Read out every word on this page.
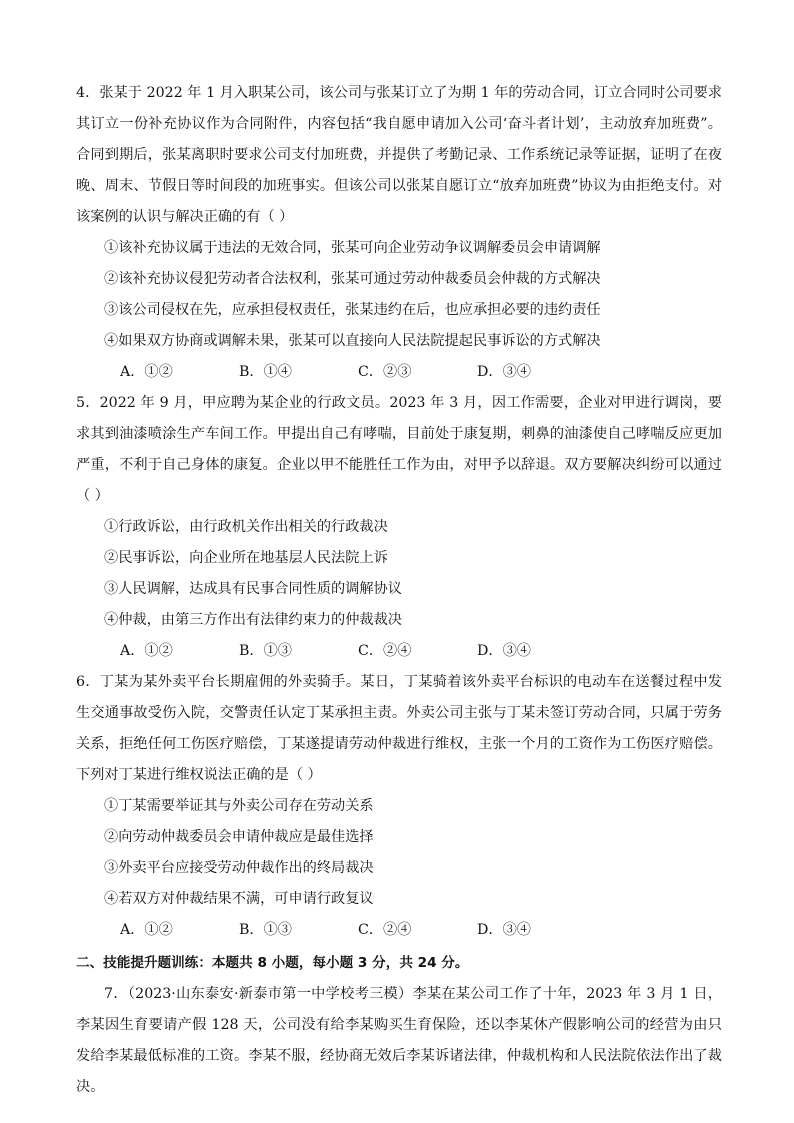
4．张某于 2022 年 1 月入职某公司，该公司与张某订立了为期 1 年的劳动合同，订立合同时公司要求其订立一份补充协议作为合同附件，内容包括“我自愿申请加入公司‘奋斗者计划’，主动放弃加班费”。合同到期后，张某离职时要求公司支付加班费，并提供了考勤记录、工作系统记录等证据，证明了在夜晚、周末、节假日等时间段的加班事实。但该公司以张某自愿订立“放弃加班费”协议为由拒绝支付。对该案例的认识与解决正确的有（ ）

①该补充协议属于违法的无效合同，张某可向企业劳动争议调解委员会申请调解

②该补充协议侵犯劳动者合法权利，张某可通过劳动仲裁委员会仲裁的方式解决

③该公司侵权在先，应承担侵权责任，张某违约在后，也应承担必要的违约责任

④如果双方协商或调解未果，张某可以直接向人民法院提起民事诉讼的方式解决

A．①②	B．①④	C．②③	D．③④

5．2022 年 9 月，甲应聘为某企业的行政文员。2023 年 3 月，因工作需要，企业对甲进行调岗，要求其到油漆喷涂生产车间工作。甲提出自己有哮喘，目前处于康复期，刺鼻的油漆使自己哮喘反应更加严重，不利于自己身体的康复。企业以甲不能胜任工作为由，对甲予以辞退。双方要解决纠纷可以通过（ ）

①行政诉讼，由行政机关作出相关的行政裁决

②民事诉讼，向企业所在地基层人民法院上诉

③人民调解，达成具有民事合同性质的调解协议

④仲裁，由第三方作出有法律约束力的仲裁裁决

A．①②	B．①③	C．②④	D．③④

6．丁某为某外卖平台长期雇佣的外卖骑手。某日，丁某骑着该外卖平台标识的电动车在送餐过程中发生交通事故受伤入院，交警责任认定丁某承担主责。外卖公司主张与丁某未签订劳动合同，只属于劳务关系，拒绝任何工伤医疗赔偿，丁某遂提请劳动仲裁进行维权，主张一个月的工资作为工伤医疗赔偿。下列对丁某进行维权说法正确的是（ ）

①丁某需要举证其与外卖公司存在劳动关系

②向劳动仲裁委员会申请仲裁应是最佳选择

③外卖平台应接受劳动仲裁作出的终局裁决

④若双方对仲裁结果不满，可申请行政复议

A．①②	B．①③	C．②④	D．③④

二、技能提升题训练：本题共 8 小题，每小题 3 分，共 24 分。

7．（2023·山东泰安·新泰市第一中学校考三模）李某在某公司工作了十年，2023 年 3 月 1 日，李某因生育要请产假 128 天，公司没有给李某购买生育保险，还以李某休产假影响公司的经营为由只发给李某最低标准的工资。李某不服，经协商无效后李某诉诸法律，仲裁机构和人民法院依法作出了裁决。
